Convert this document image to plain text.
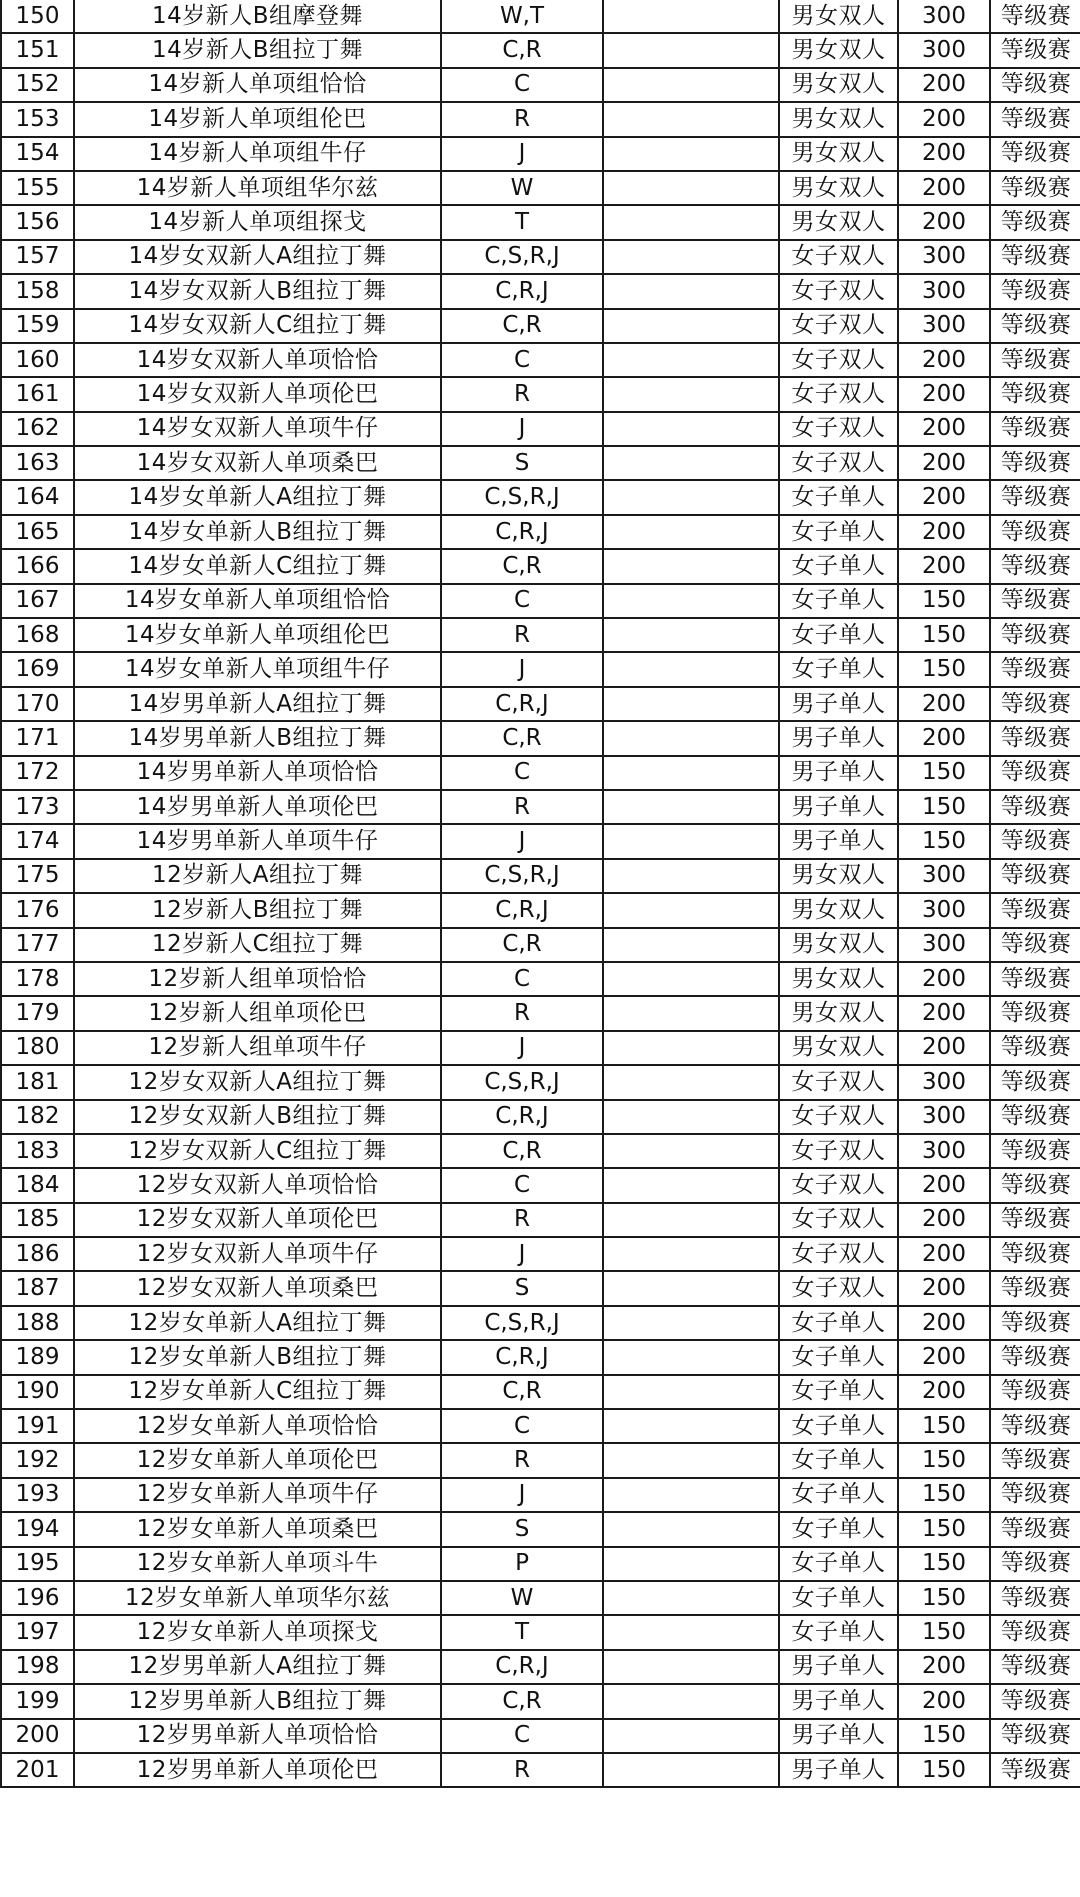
150	14岁新人B组摩登舞	W,T		男女双人	300	等级赛
151	14岁新人B组拉丁舞	C,R		男女双人	300	等级赛
152	14岁新人单项组恰恰	C		男女双人	200	等级赛
153	14岁新人单项组伦巴	R		男女双人	200	等级赛
154	14岁新人单项组牛仔	J		男女双人	200	等级赛
155	14岁新人单项组华尔兹	W		男女双人	200	等级赛
156	14岁新人单项组探戈	T		男女双人	200	等级赛
157	14岁女双新人A组拉丁舞	C,S,R,J		女子双人	300	等级赛
158	14岁女双新人B组拉丁舞	C,R,J		女子双人	300	等级赛
159	14岁女双新人C组拉丁舞	C,R		女子双人	300	等级赛
160	14岁女双新人单项恰恰	C		女子双人	200	等级赛
161	14岁女双新人单项伦巴	R		女子双人	200	等级赛
162	14岁女双新人单项牛仔	J		女子双人	200	等级赛
163	14岁女双新人单项桑巴	S		女子双人	200	等级赛
164	14岁女单新人A组拉丁舞	C,S,R,J		女子单人	200	等级赛
165	14岁女单新人B组拉丁舞	C,R,J		女子单人	200	等级赛
166	14岁女单新人C组拉丁舞	C,R		女子单人	200	等级赛
167	14岁女单新人单项组恰恰	C		女子单人	150	等级赛
168	14岁女单新人单项组伦巴	R		女子单人	150	等级赛
169	14岁女单新人单项组牛仔	J		女子单人	150	等级赛
170	14岁男单新人A组拉丁舞	C,R,J		男子单人	200	等级赛
171	14岁男单新人B组拉丁舞	C,R		男子单人	200	等级赛
172	14岁男单新人单项恰恰	C		男子单人	150	等级赛
173	14岁男单新人单项伦巴	R		男子单人	150	等级赛
174	14岁男单新人单项牛仔	J		男子单人	150	等级赛
175	12岁新人A组拉丁舞	C,S,R,J		男女双人	300	等级赛
176	12岁新人B组拉丁舞	C,R,J		男女双人	300	等级赛
177	12岁新人C组拉丁舞	C,R		男女双人	300	等级赛
178	12岁新人组单项恰恰	C		男女双人	200	等级赛
179	12岁新人组单项伦巴	R		男女双人	200	等级赛
180	12岁新人组单项牛仔	J		男女双人	200	等级赛
181	12岁女双新人A组拉丁舞	C,S,R,J		女子双人	300	等级赛
182	12岁女双新人B组拉丁舞	C,R,J		女子双人	300	等级赛
183	12岁女双新人C组拉丁舞	C,R		女子双人	300	等级赛
184	12岁女双新人单项恰恰	C		女子双人	200	等级赛
185	12岁女双新人单项伦巴	R		女子双人	200	等级赛
186	12岁女双新人单项牛仔	J		女子双人	200	等级赛
187	12岁女双新人单项桑巴	S		女子双人	200	等级赛
188	12岁女单新人A组拉丁舞	C,S,R,J		女子单人	200	等级赛
189	12岁女单新人B组拉丁舞	C,R,J		女子单人	200	等级赛
190	12岁女单新人C组拉丁舞	C,R		女子单人	200	等级赛
191	12岁女单新人单项恰恰	C		女子单人	150	等级赛
192	12岁女单新人单项伦巴	R		女子单人	150	等级赛
193	12岁女单新人单项牛仔	J		女子单人	150	等级赛
194	12岁女单新人单项桑巴	S		女子单人	150	等级赛
195	12岁女单新人单项斗牛	P		女子单人	150	等级赛
196	12岁女单新人单项华尔兹	W		女子单人	150	等级赛
197	12岁女单新人单项探戈	T		女子单人	150	等级赛
198	12岁男单新人A组拉丁舞	C,R,J		男子单人	200	等级赛
199	12岁男单新人B组拉丁舞	C,R		男子单人	200	等级赛
200	12岁男单新人单项恰恰	C		男子单人	150	等级赛
201	12岁男单新人单项伦巴	R		男子单人	150	等级赛
